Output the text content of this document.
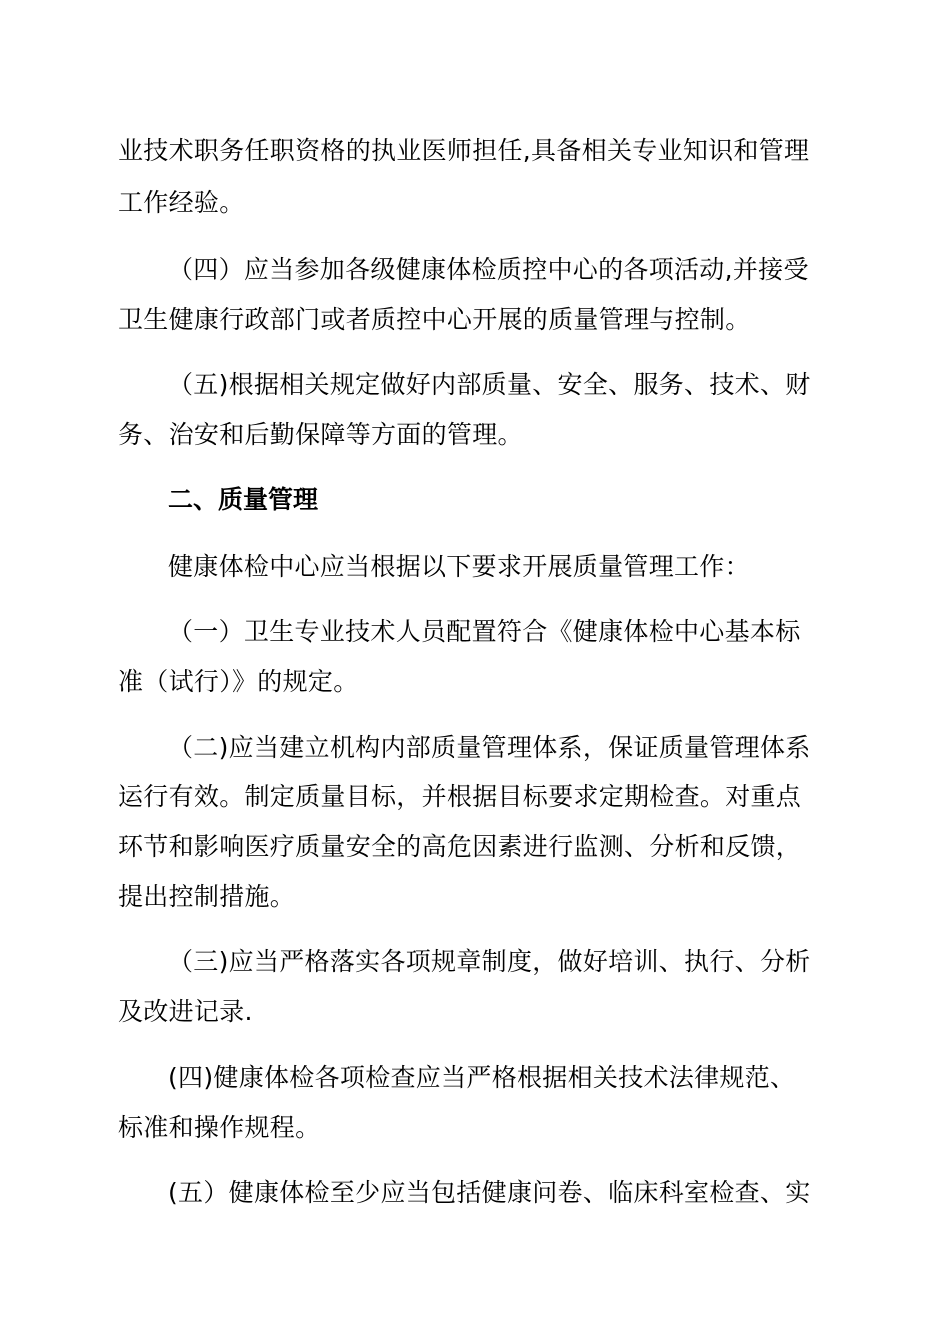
业技术职务任职资格的执业医师担任,具备相关专业知识和管理
工作经验。
（四）应当参加各级健康体检质控中心的各项活动,并接受
卫生健康行政部门或者质控中心开展的质量管理与控制。
（五)根据相关规定做好内部质量、安全、服务、技术、财
务、治安和后勤保障等方面的管理。
二、质量管理
健康体检中心应当根据以下要求开展质量管理工作：
（一）卫生专业技术人员配置符合《健康体检中心基本标
准（试行）》的规定。
（二)应当建立机构内部质量管理体系，保证质量管理体系
运行有效。制定质量目标，并根据目标要求定期检查。对重点
环节和影响医疗质量安全的高危因素进行监测、分析和反馈，
提出控制措施。
（三)应当严格落实各项规章制度，做好培训、执行、分析
及改进记录.
(四)健康体检各项检查应当严格根据相关技术法律规范、
标准和操作规程。
(五）健康体检至少应当包括健康问卷、临床科室检查、实
